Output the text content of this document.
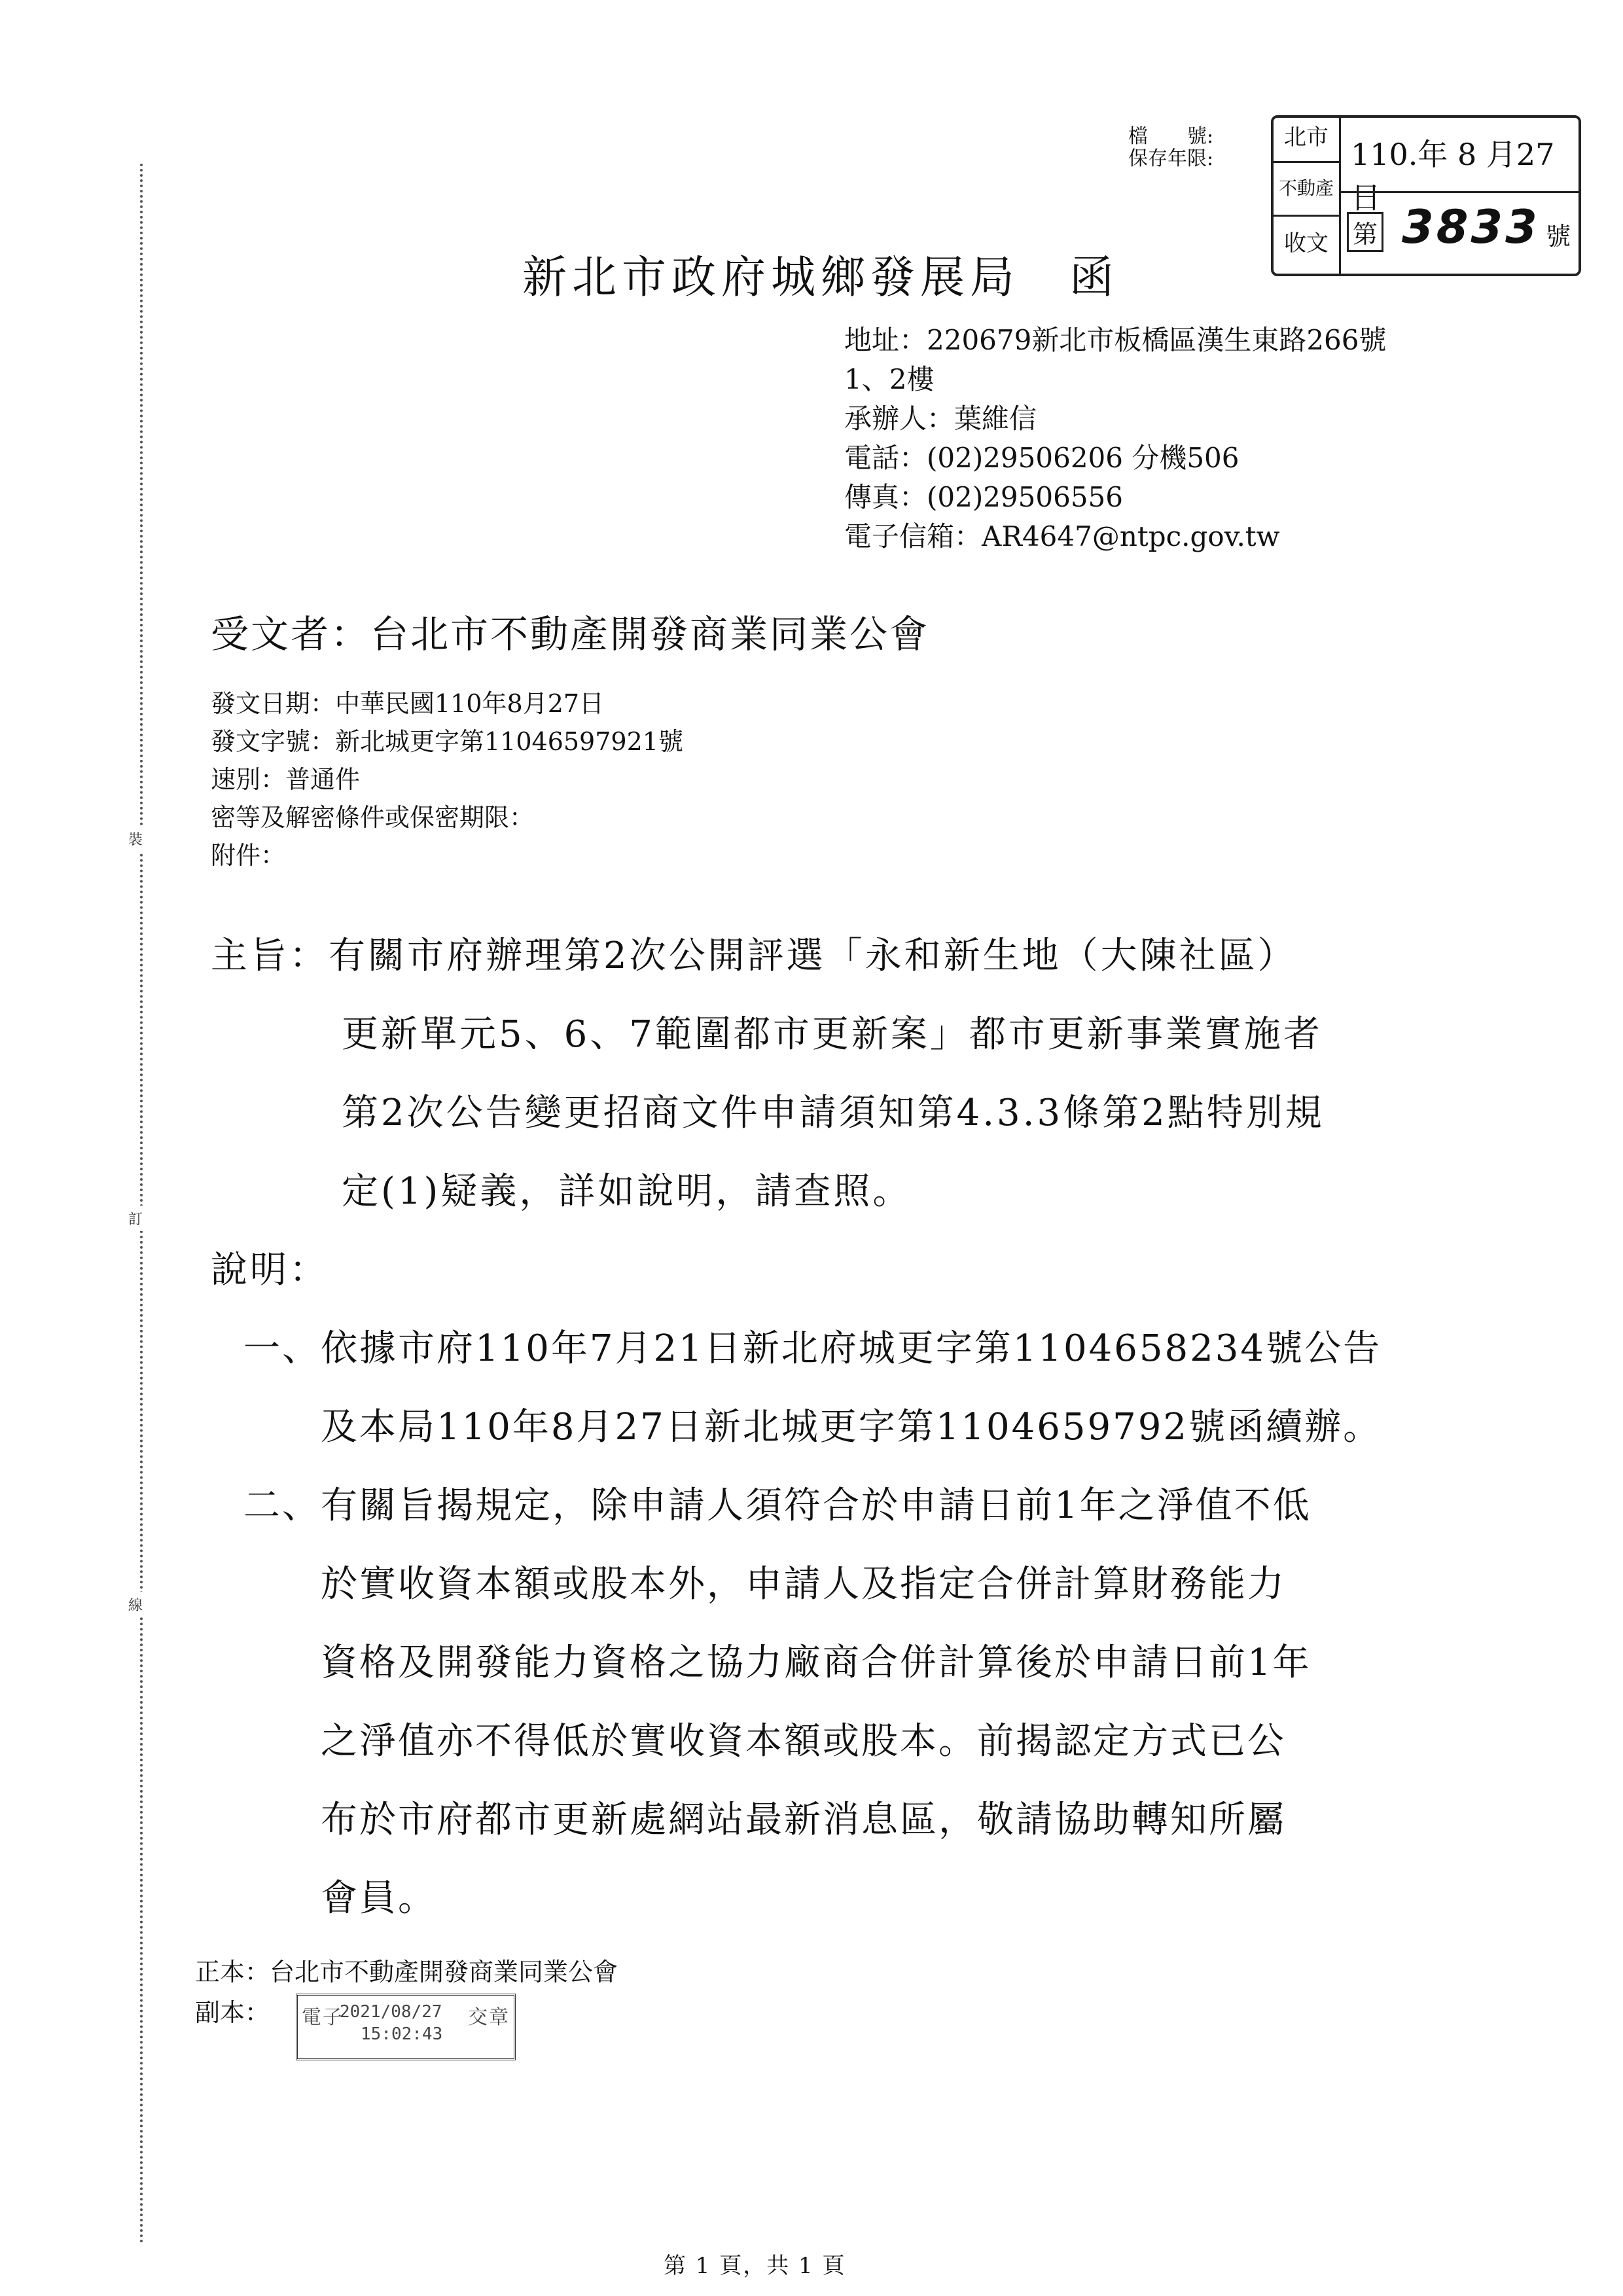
裝
訂
線
檔　　號:
保存年限:
北市
不動產
收文
110.年 8 月27日
第 3833 號
新北市政府城鄉發展局　函
地址：220679新北市板橋區漢生東路266號
1、2樓
承辦人：葉維信
電話：(02)29506206 分機506
傳真：(02)29506556
電子信箱：AR4647@ntpc.gov.tw
受文者：台北市不動產開發商業同業公會
發文日期：中華民國110年8月27日
發文字號：新北城更字第11046597921號
速別：普通件
密等及解密條件或保密期限：
附件：
主旨：有關市府辦理第2次公開評選「永和新生地（大陳社區）
更新單元5、6、7範圍都市更新案」都市更新事業實施者
第2次公告變更招商文件申請須知第4.3.3條第2點特別規
定(1)疑義，詳如說明，請查照。
說明：
一、依據市府110年7月21日新北府城更字第1104658234號公告
及本局110年8月27日新北城更字第1104659792號函續辦。
二、有關旨揭規定，除申請人須符合於申請日前1年之淨值不低
於實收資本額或股本外，申請人及指定合併計算財務能力
資格及開發能力資格之協力廠商合併計算後於申請日前1年
之淨值亦不得低於實收資本額或股本。前揭認定方式已公
布於市府都市更新處網站最新消息區，敬請協助轉知所屬
會員。
正本：台北市不動產開發商業同業公會
副本： 電子
2021/08/27
15:02:43
交章
第 1 頁，共 1 頁
